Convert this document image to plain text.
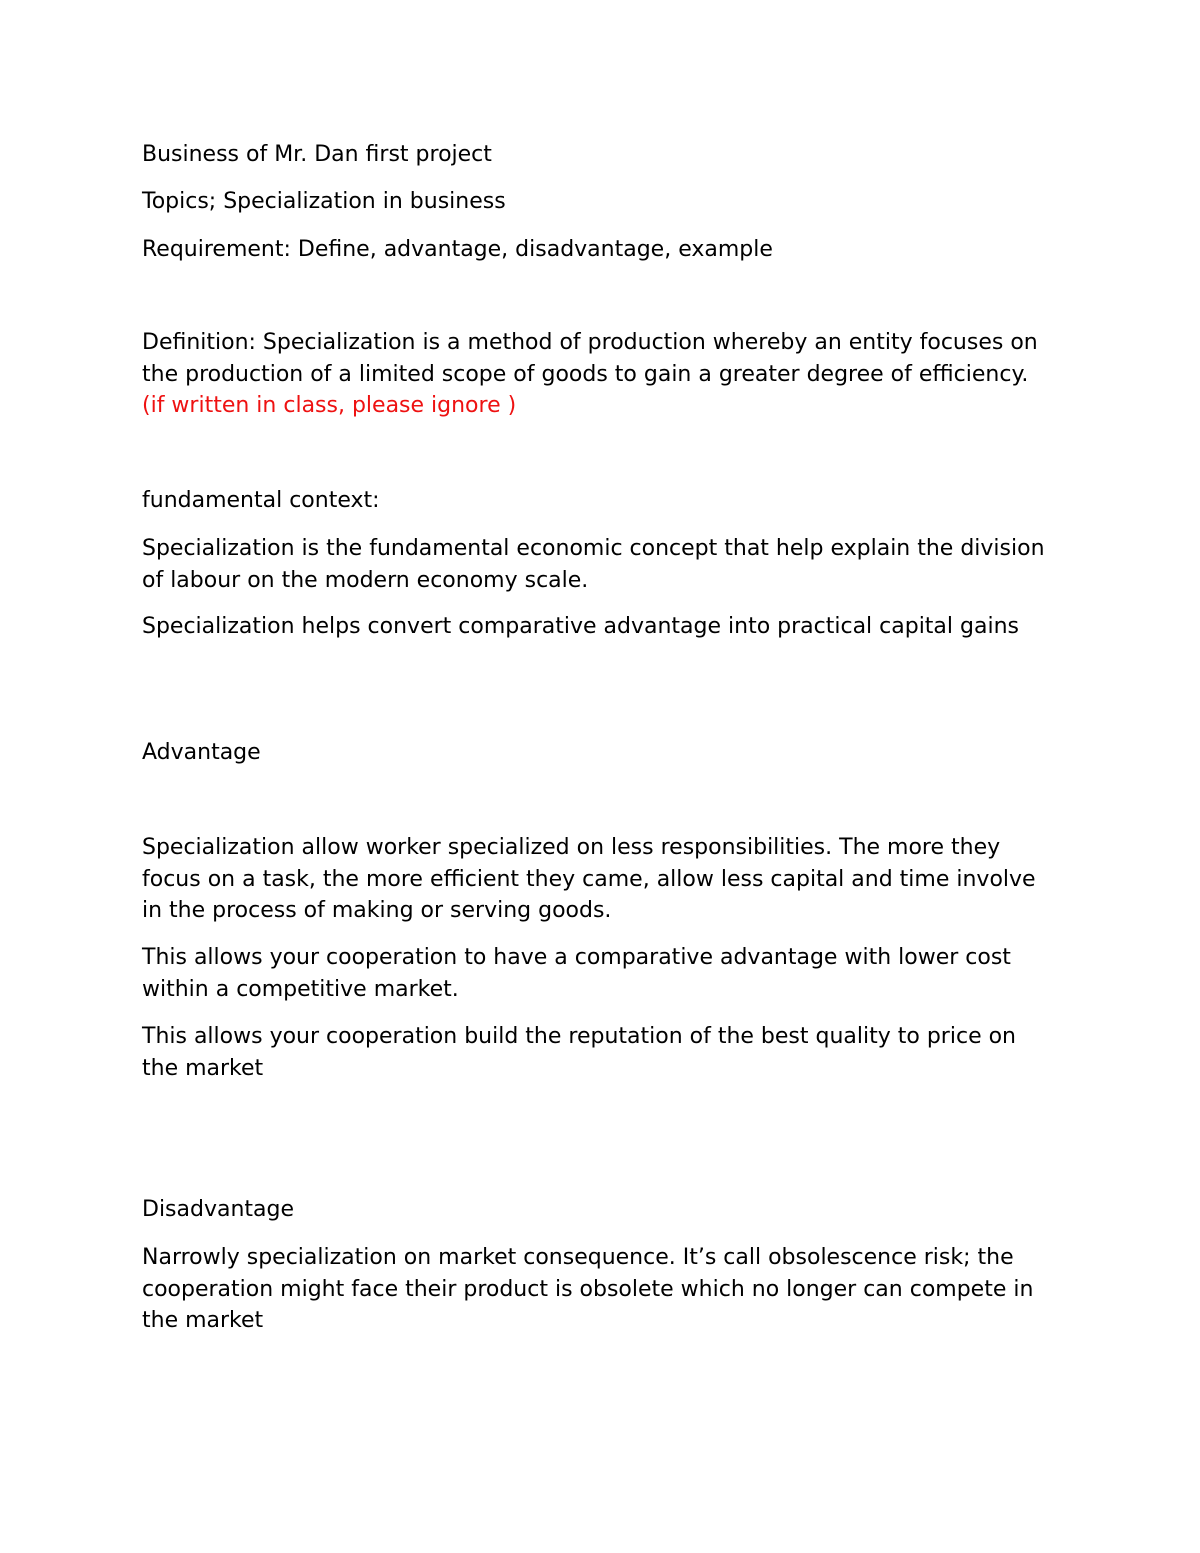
Business of Mr. Dan first project

Topics; Specialization in business

Requirement: Define, advantage, disadvantage, example

Definition: Specialization is a method of production whereby an entity focuses on the production of a limited scope of goods to gain a greater degree of efficiency. (if written in class, please ignore )

fundamental context:

Specialization is the fundamental economic concept that help explain the division of labour on the modern economy scale.

Specialization helps convert comparative advantage into practical capital gains

Advantage

Specialization allow worker specialized on less responsibilities. The more they focus on a task, the more efficient they came, allow less capital and time involve in the process of making or serving goods.

This allows your cooperation to have a comparative advantage with lower cost within a competitive market.

This allows your cooperation build the reputation of the best quality to price on the market

Disadvantage

Narrowly specialization on market consequence. It’s call obsolescence risk; the cooperation might face their product is obsolete which no longer can compete in the market
